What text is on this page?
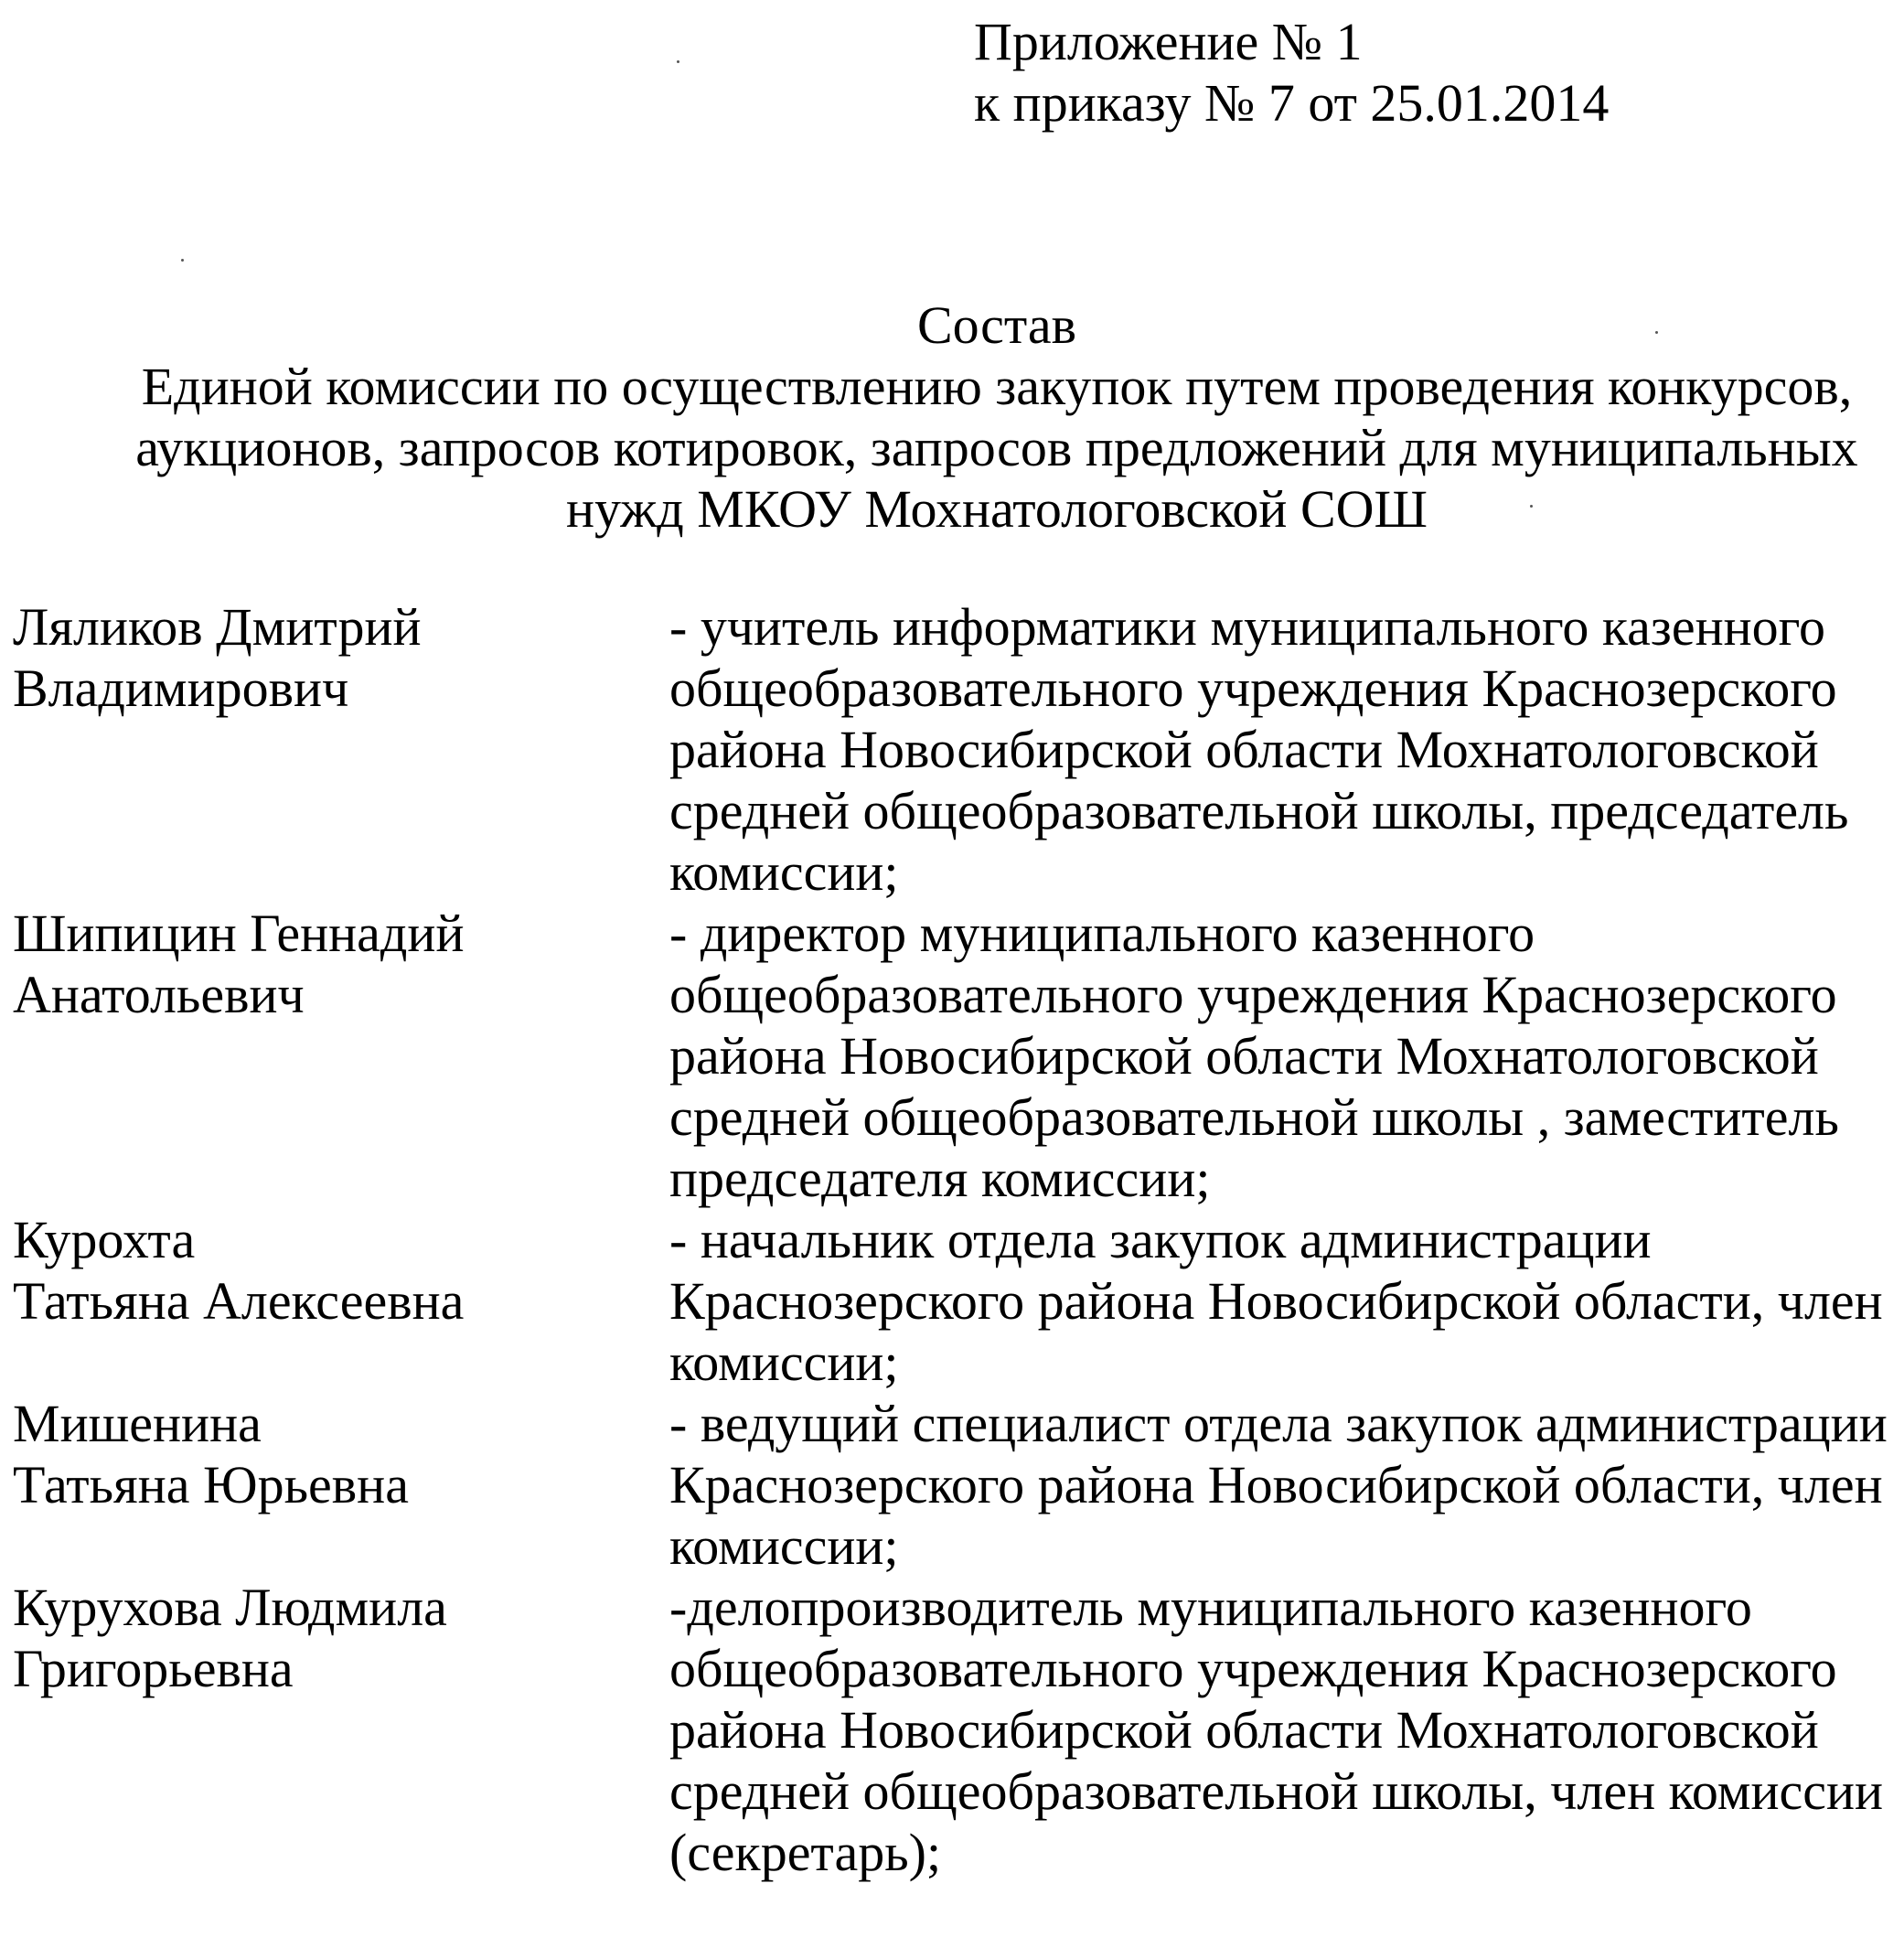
Приложение № 1
к приказу № 7 от 25.01.2014
Состав
Единой комиссии по осуществлению закупок путем проведения конкурсов,
аукционов, запросов котировок, запросов предложений для муниципальных
нужд МКОУ Мохнатологовской СОШ
Ляликов Дмитрий
Владимирович
- учитель информатики муниципального казенного
общеобразовательного учреждения Краснозерского
района Новосибирской области Мохнатологовской
средней общеобразовательной школы, председатель
комиссии;
Шипицин Геннадий
Анатольевич
- директор муниципального казенного
общеобразовательного учреждения Краснозерского
района Новосибирской области Мохнатологовской
средней общеобразовательной школы , заместитель
председателя комиссии;
Курохта
Татьяна Алексеевна
- начальник отдела закупок администрации
Краснозерского района Новосибирской области, член
комиссии;
Мишенина
Татьяна Юрьевна
- ведущий специалист отдела закупок администрации
Краснозерского района Новосибирской области, член
комиссии;
Курухова Людмила
Григорьевна
-делопроизводитель муниципального казенного
общеобразовательного учреждения Краснозерского
района Новосибирской области Мохнатологовской
средней общеобразовательной школы, член комиссии
(секретарь);
